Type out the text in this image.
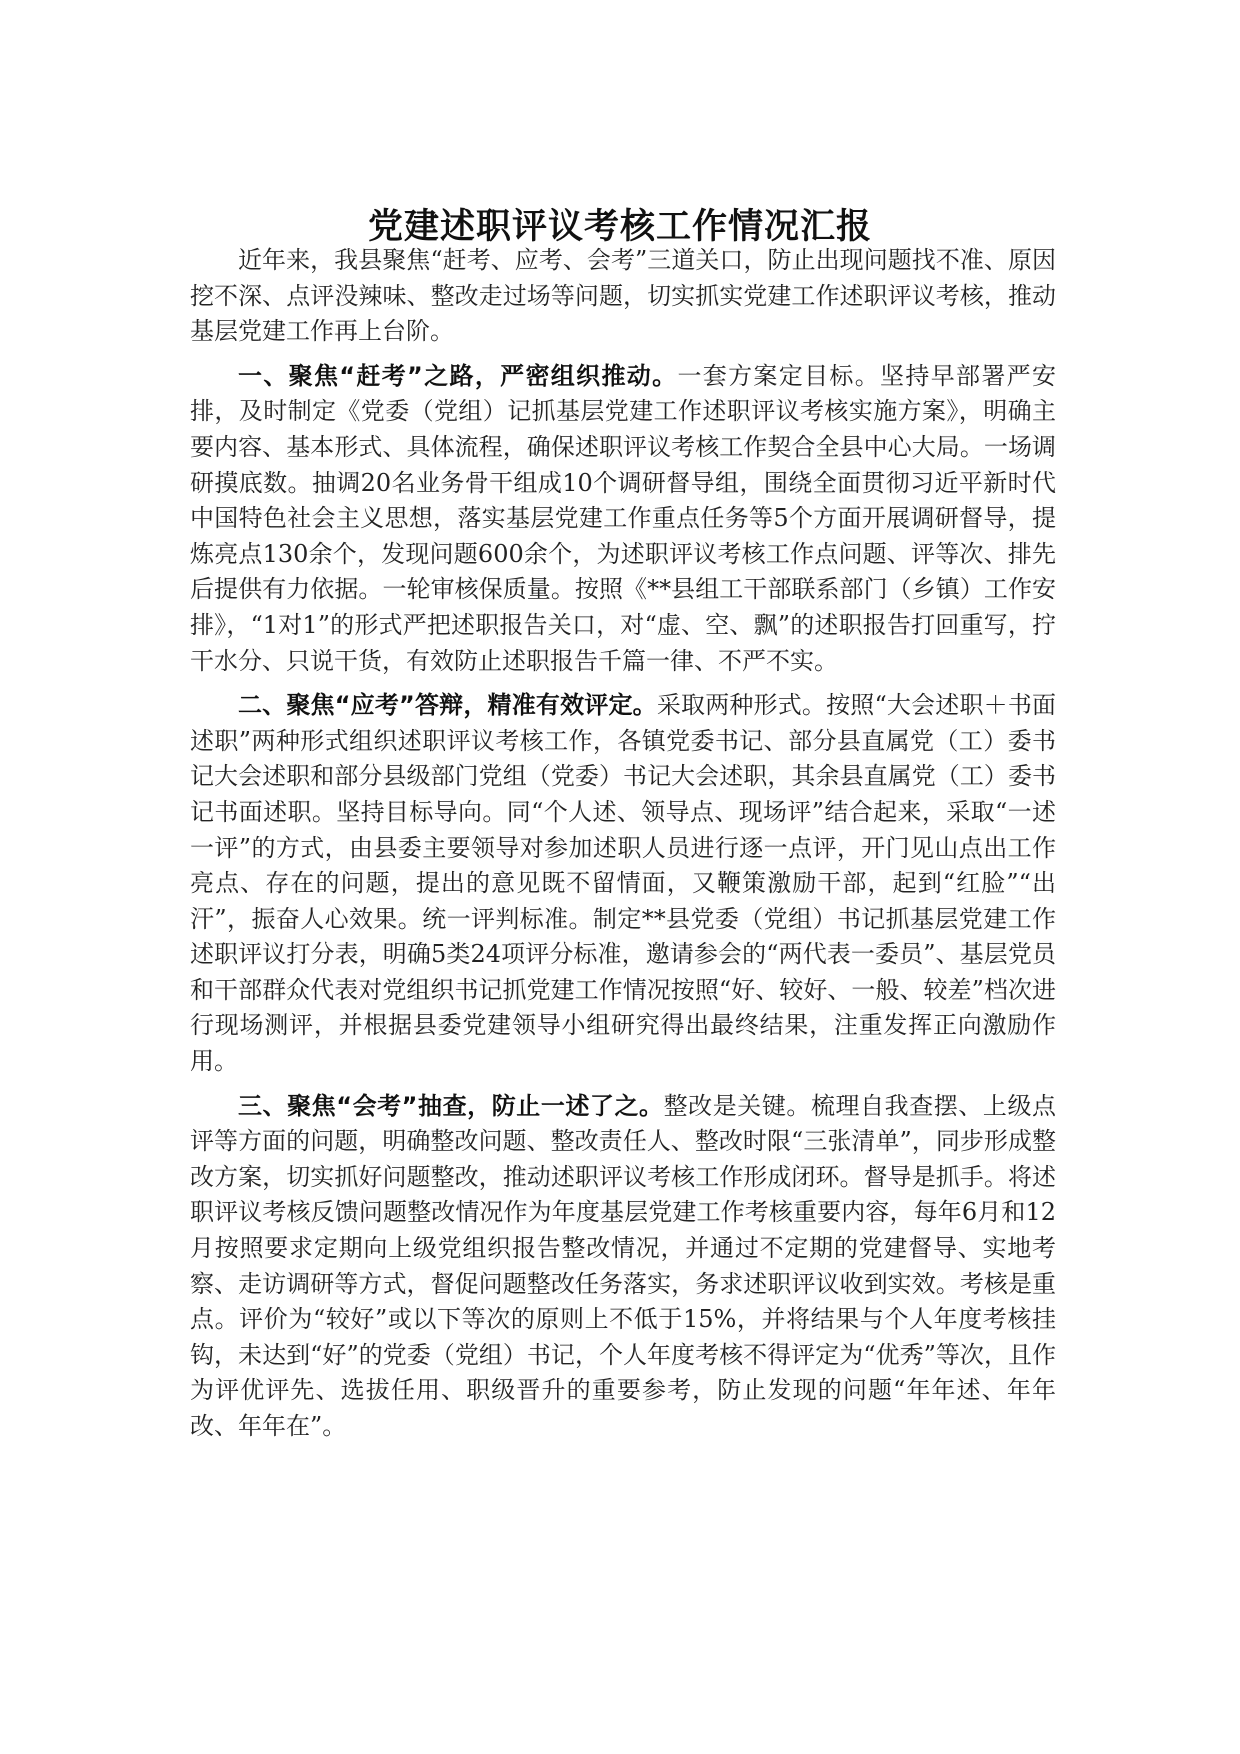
党建述职评议考核工作情况汇报

近年来，我县聚焦“赶考、应考、会考”三道关口，防止出现问题找不准、原因挖不深、点评没辣味、整改走过场等问题，切实抓实党建工作述职评议考核，推动基层党建工作再上台阶。

一、聚焦“赶考”之路，严密组织推动。一套方案定目标。坚持早部署严安排，及时制定《党委（党组）记抓基层党建工作述职评议考核实施方案》，明确主要内容、基本形式、具体流程，确保述职评议考核工作契合全县中心大局。一场调研摸底数。抽调20名业务骨干组成10个调研督导组，围绕全面贯彻习近平新时代中国特色社会主义思想，落实基层党建工作重点任务等5个方面开展调研督导，提炼亮点130余个，发现问题600余个，为述职评议考核工作点问题、评等次、排先后提供有力依据。一轮审核保质量。按照《**县组工干部联系部门（乡镇）工作安排》，“1对1”的形式严把述职报告关口，对“虚、空、飘”的述职报告打回重写，拧干水分、只说干货，有效防止述职报告千篇一律、不严不实。

二、聚焦“应考”答辩，精准有效评定。采取两种形式。按照“大会述职＋书面述职”两种形式组织述职评议考核工作，各镇党委书记、部分县直属党（工）委书记大会述职和部分县级部门党组（党委）书记大会述职，其余县直属党（工）委书记书面述职。坚持目标导向。同“个人述、领导点、现场评”结合起来，采取“一述一评”的方式，由县委主要领导对参加述职人员进行逐一点评，开门见山点出工作亮点、存在的问题，提出的意见既不留情面，又鞭策激励干部，起到“红脸”“出汗”，振奋人心效果。统一评判标准。制定**县党委（党组）书记抓基层党建工作述职评议打分表，明确5类24项评分标准，邀请参会的“两代表一委员”、基层党员和干部群众代表对党组织书记抓党建工作情况按照“好、较好、一般、较差”档次进行现场测评，并根据县委党建领导小组研究得出最终结果，注重发挥正向激励作用。

三、聚焦“会考”抽查，防止一述了之。整改是关键。梳理自我查摆、上级点评等方面的问题，明确整改问题、整改责任人、整改时限“三张清单”，同步形成整改方案，切实抓好问题整改，推动述职评议考核工作形成闭环。督导是抓手。将述职评议考核反馈问题整改情况作为年度基层党建工作考核重要内容，每年6月和12月按照要求定期向上级党组织报告整改情况，并通过不定期的党建督导、实地考察、走访调研等方式，督促问题整改任务落实，务求述职评议收到实效。考核是重点。评价为“较好”或以下等次的原则上不低于15%，并将结果与个人年度考核挂钩，未达到“好”的党委（党组）书记，个人年度考核不得评定为“优秀”等次，且作为评优评先、选拔任用、职级晋升的重要参考，防止发现的问题“年年述、年年改、年年在”。
